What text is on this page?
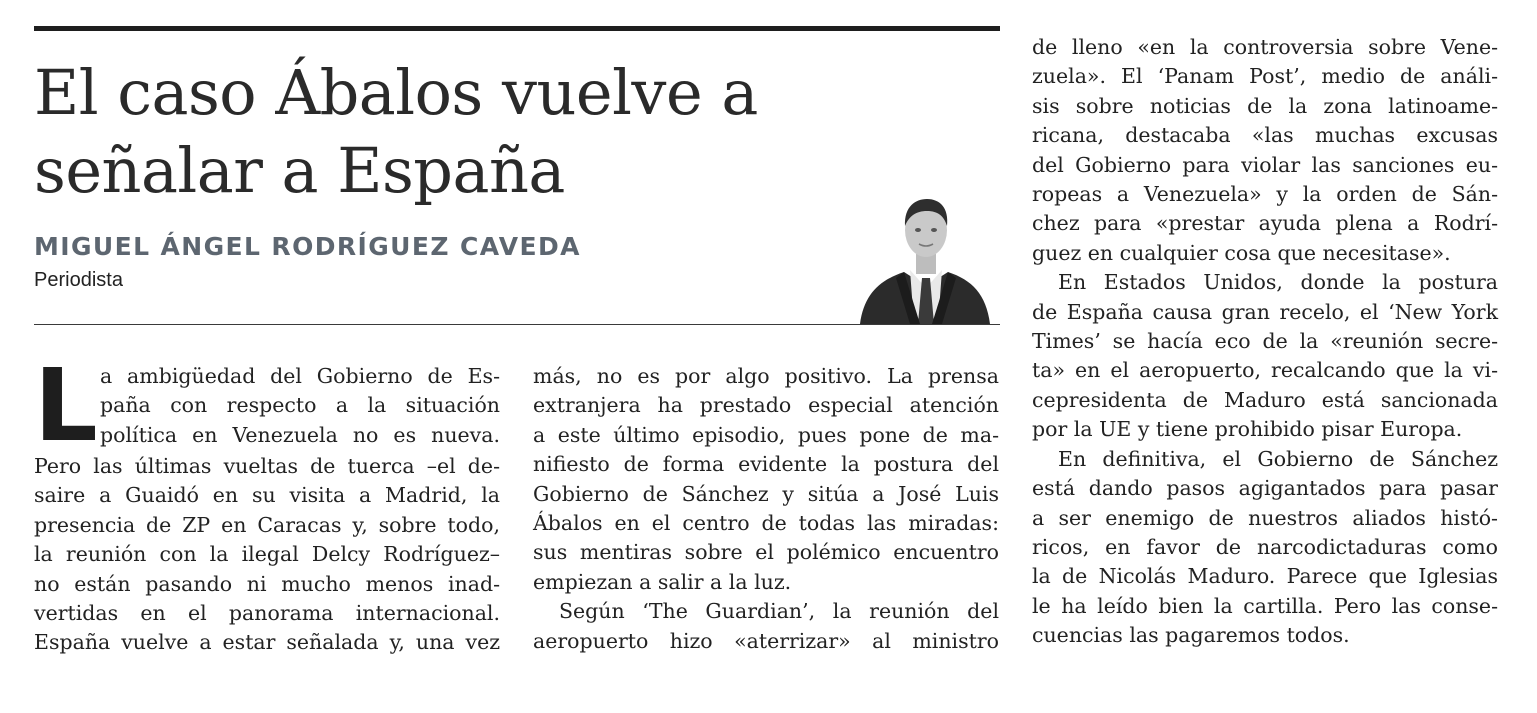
El caso Ábalos vuelve a
señalar a España
MIGUEL ÁNGEL RODRÍGUEZ CAVEDA
Periodista
L a ambigüedad del Gobierno de Es-
paña con respecto a la situación
política en Venezuela no es nueva.

Pero las últimas vueltas de tuerca –el de-
saire a Guaidó en su visita a Madrid, la
presencia de ZP en Caracas y, sobre todo,
la reunión con la ilegal Delcy Rodríguez–
no están pasando ni mucho menos inad-
vertidas en el panorama internacional.
España vuelve a estar señalada y, una vez

más, no es por algo positivo. La prensa
extranjera ha prestado especial atención
a este último episodio, pues pone de ma-
nifiesto de forma evidente la postura del
Gobierno de Sánchez y sitúa a José Luis
Ábalos en el centro de todas las miradas:
sus mentiras sobre el polémico encuentro
empiezan a salir a la luz.

Según ‘The Guardian’, la reunión del
aeropuerto hizo «aterrizar» al ministro

de lleno «en la controversia sobre Vene-
zuela». El ‘Panam Post’, medio de análi-
sis sobre noticias de la zona latinoame-
ricana, destacaba «las muchas excusas
del Gobierno para violar las sanciones eu-
ropeas a Venezuela» y la orden de Sán-
chez para «prestar ayuda plena a Rodrí-
guez en cualquier cosa que necesitase».

En Estados Unidos, donde la postura
de España causa gran recelo, el ‘New York
Times’ se hacía eco de la «reunión secre-
ta» en el aeropuerto, recalcando que la vi-
cepresidenta de Maduro está sancionada
por la UE y tiene prohibido pisar Europa.

En definitiva, el Gobierno de Sánchez
está dando pasos agigantados para pasar
a ser enemigo de nuestros aliados histó-
ricos, en favor de narcodictaduras como
la de Nicolás Maduro. Parece que Iglesias
le ha leído bien la cartilla. Pero las conse-
cuencias las pagaremos todos.
